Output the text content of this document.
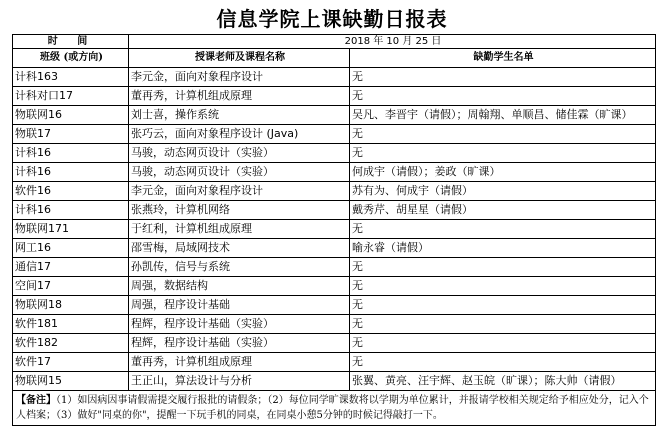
信息学院上课缺勤日报表
时 间	2018 年 10 月 25 日	
班级 (或方向)	授课老师及课程名称	缺勤学生名单
计科163	李元金，面向对象程序设计	无
计科对口17	董再秀，计算机组成原理	无
物联网16	刘士喜，操作系统	吴凡、李晋宇（请假）；周翰翔、单顺昌、储佳霖（旷课）
物联17	张巧云，面向对象程序设计 (Java)	无
计科16	马骏，动态网页设计（实验）	无
计科16	马骏，动态网页设计（实验）	何成宇（请假）；姜政（旷课）
软件16	李元金，面向对象程序设计	苏有为、何成宇（请假）
计科16	张燕玲，计算机网络	戴秀芹、胡星星（请假）
物联网171	于红利，计算机组成原理	无
网工16	邵雪梅，局域网技术	喻永睿（请假）
通信17	孙凯传，信号与系统	无
空间17	周强，数据结构	无
物联网18	周强，程序设计基础	无
软件181	程辉，程序设计基础（实验）	无
软件182	程辉，程序设计基础（实验）	无
软件17	董再秀，计算机组成原理	无
物联网15	王正山，算法设计与分析	张翼、黄亮、汪宇辉、赵玉皖（旷课）；陈大帅（请假）
【备注】（1）如因病因事请假需提交履行报批的请假条；（2）每位同学旷课数将以学期为单位累计，并报请学校相关规定给予相应处分，记入个人档案；（3）做好"同桌的你"，提醒一下玩手机的同桌，在同桌小憩5分钟的时候记得敲打一下。		
